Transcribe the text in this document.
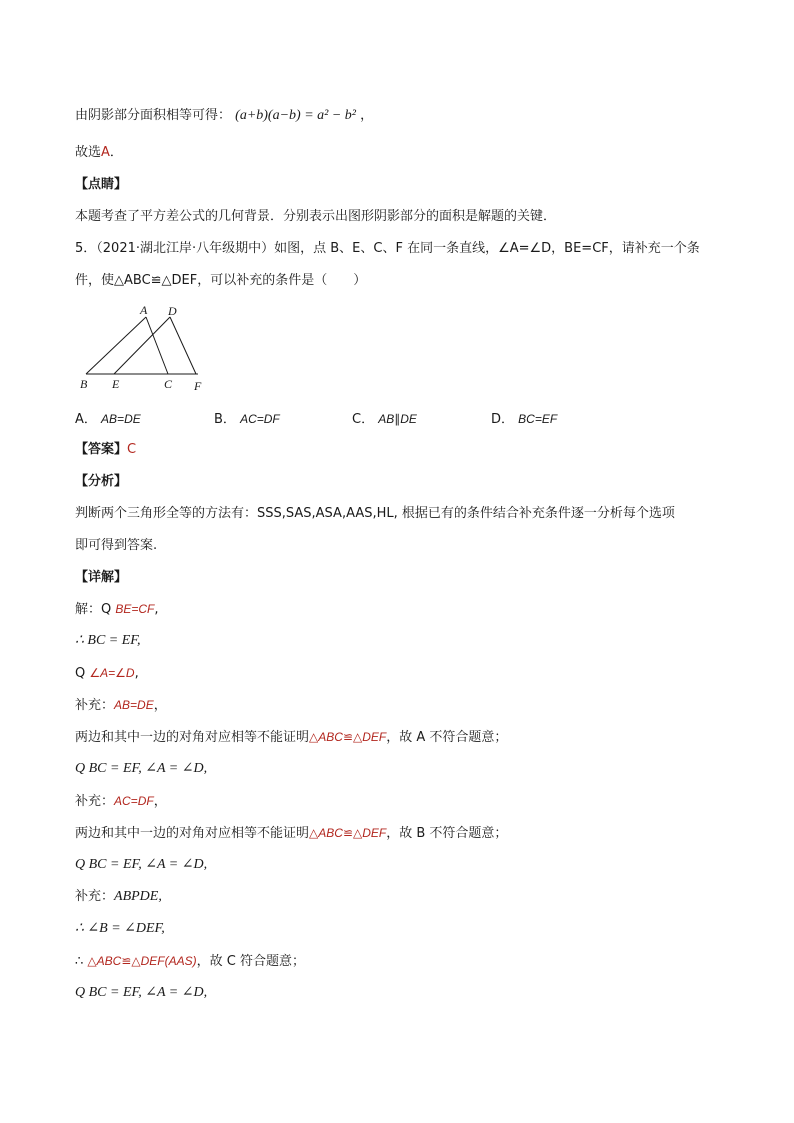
由阴影部分面积相等可得： (a+b)(a−b) = a² − b² ，
故选A．
【点睛】
本题考查了平方差公式的几何背景．分别表示出图形阴影部分的面积是解题的关键．
5．（2021·湖北江岸·八年级期中）如图，点 B、E、C、F 在同一条直线，∠A=∠D，BE=CF，请补充一个条
件，使△ABC≌△DEF，可以补充的条件是（　　）
A D
B E	C F
A． AB=DE	B． AC=DF	C． AB∥DE	D． BC=EF
【答案】C
【分析】
判断两个三角形全等的方法有：SSS,SAS,ASA,AAS,HL, 根据已有的条件结合补充条件逐一分析每个选项
即可得到答案.
【详解】
解：Q BE=CF,
∴ BC = EF,
Q ∠A=∠D,
补充：AB=DE，
两边和其中一边的对角对应相等不能证明△ABC≌△DEF，故 A 不符合题意；
Q BC = EF, ∠A = ∠D,
补充：AC=DF，
两边和其中一边的对角对应相等不能证明△ABC≌△DEF，故 B 不符合题意；
Q BC = EF, ∠A = ∠D,
补充：ABPDE,
∴ ∠B = ∠DEF,
∴ △ABC≌△DEF(AAS)，故 C 符合题意；
Q BC = EF, ∠A = ∠D,
